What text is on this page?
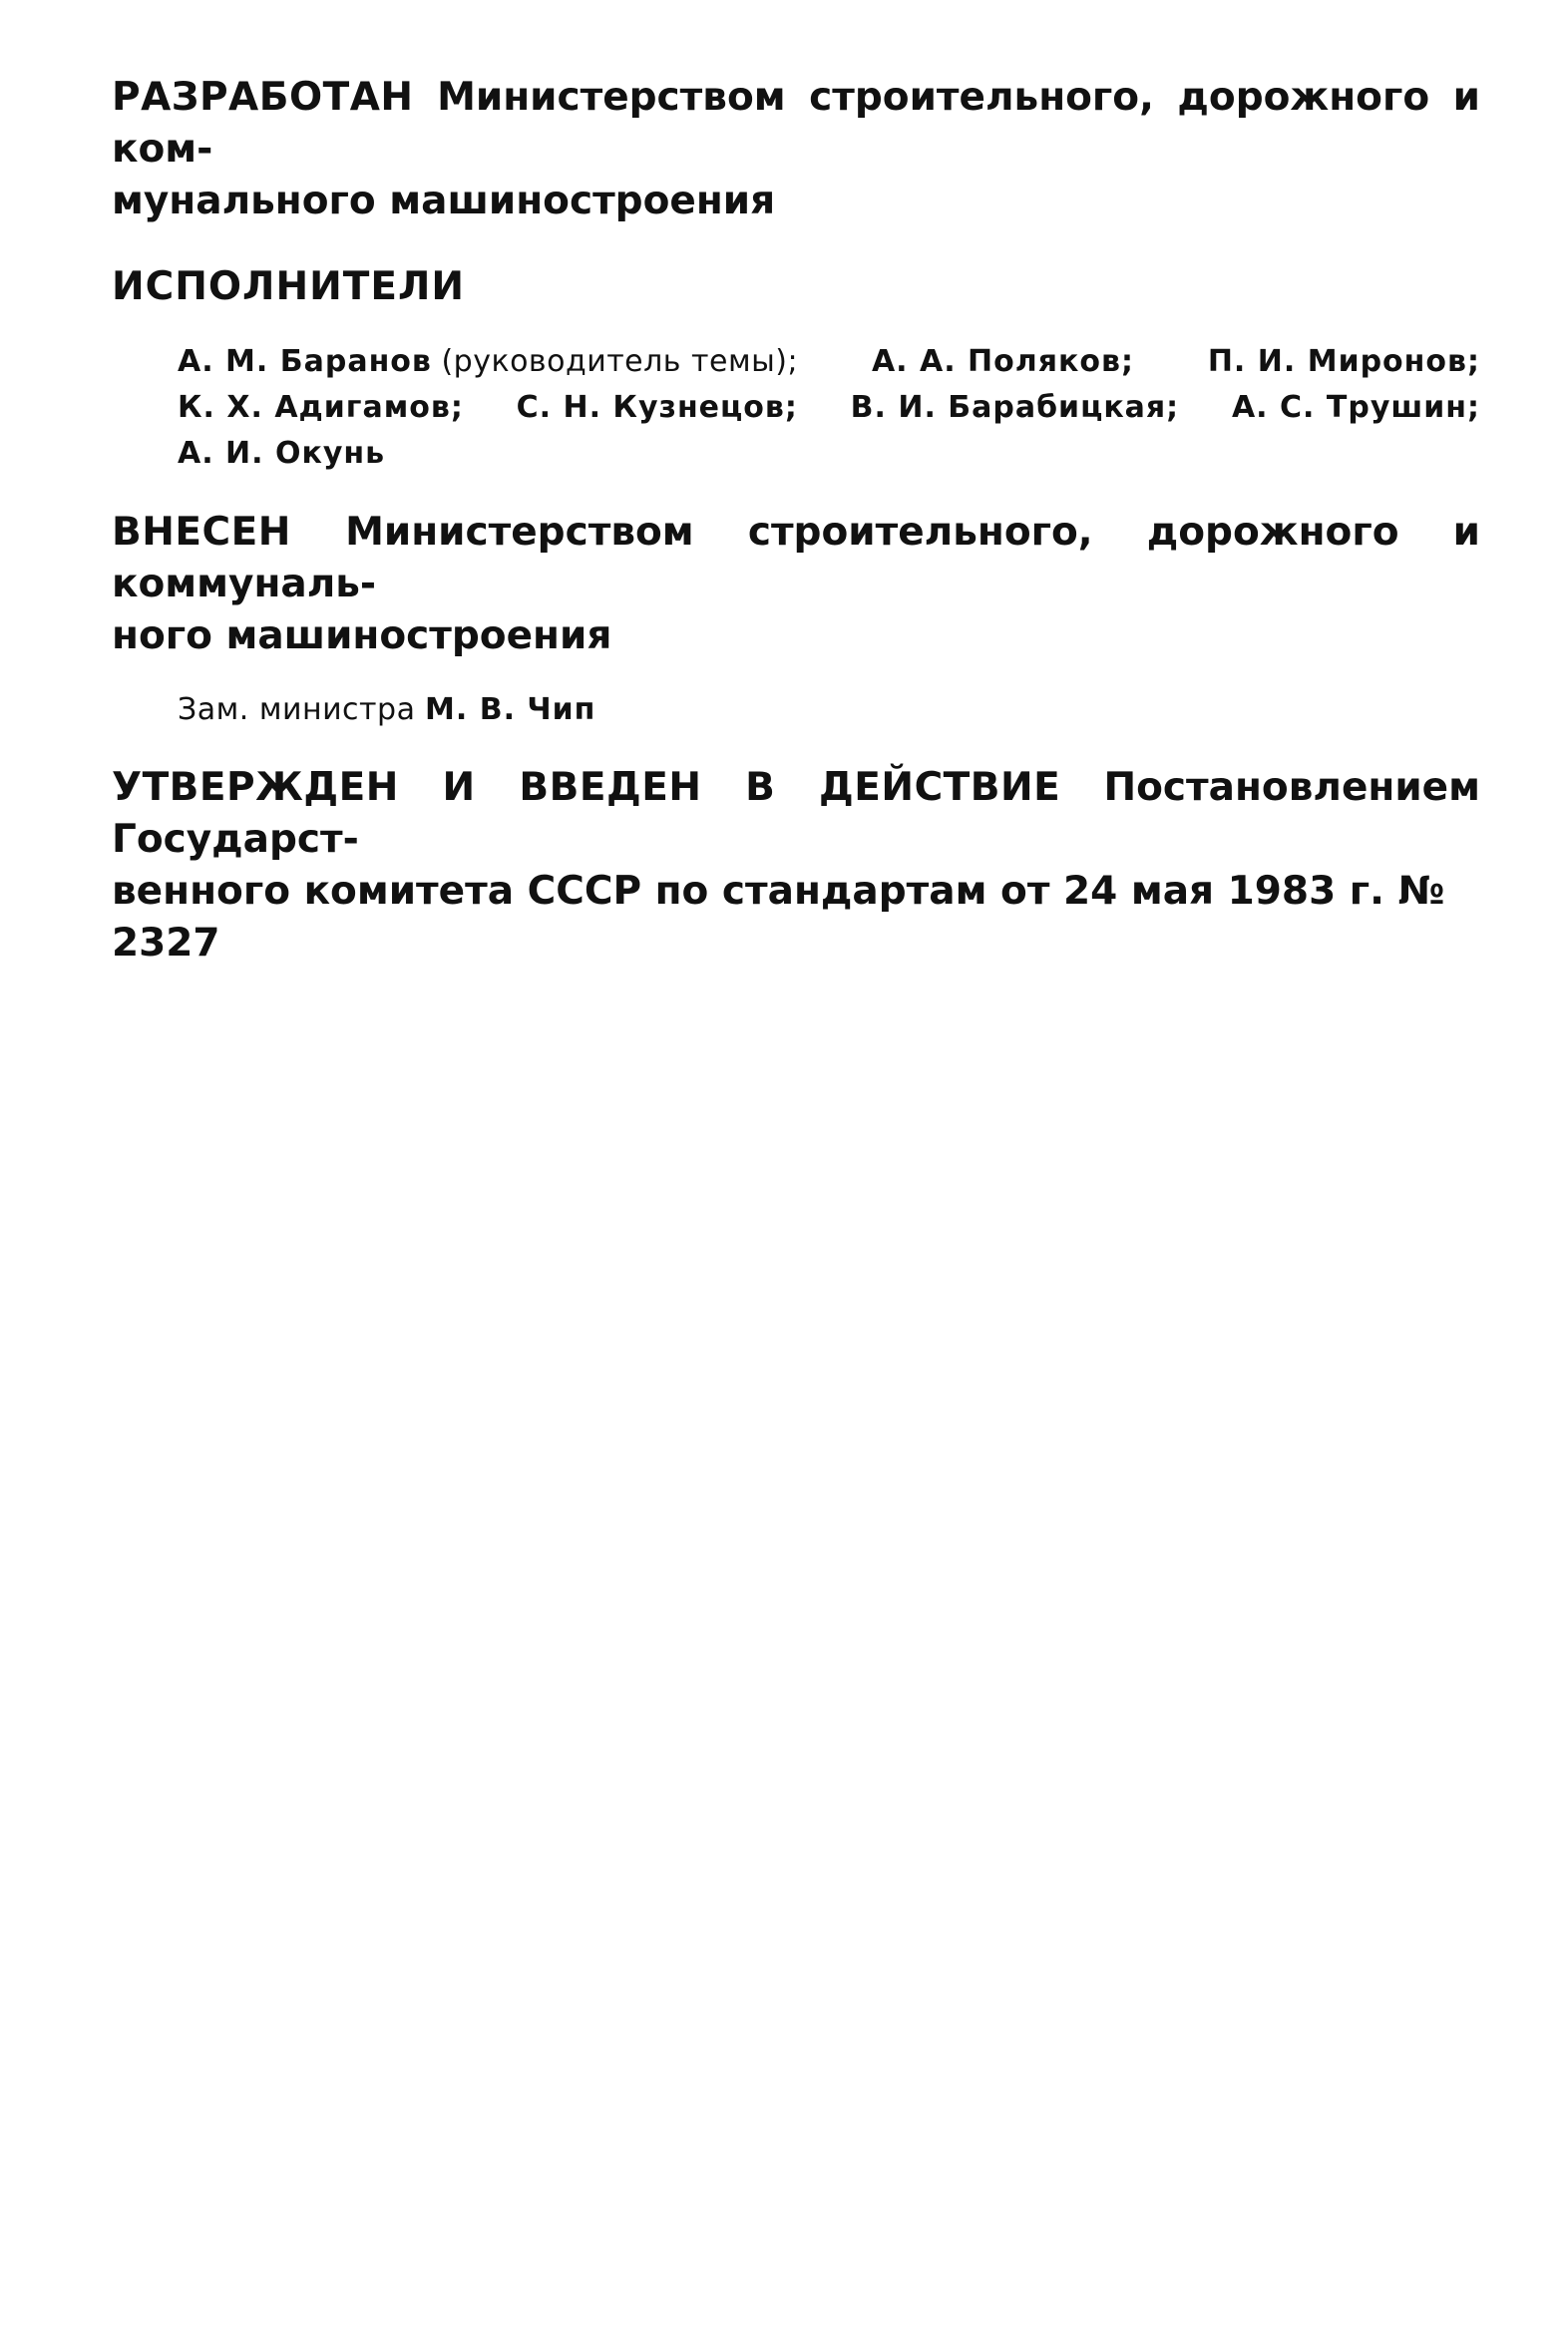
РАЗРАБОТАН Министерством строительного, дорожного и ком-
мунального машиностроения
ИСПОЛНИТЕЛИ
А. М. Баранов (руководитель темы); А. А. Поляков; П. И. Миронов;
К. Х. Адигамов; С. Н. Кузнецов; В. И. Барабицкая; А. С. Трушин;
А. И. Окунь
ВНЕСЕН Министерством строительного, дорожного и коммуналь-
ного машиностроения
Зам. министра М. В. Чип
УТВЕРЖДЕН И ВВЕДЕН В ДЕЙСТВИЕ Постановлением Государст-
венного комитета СССР по стандартам от 24 мая 1983 г. № 2327
